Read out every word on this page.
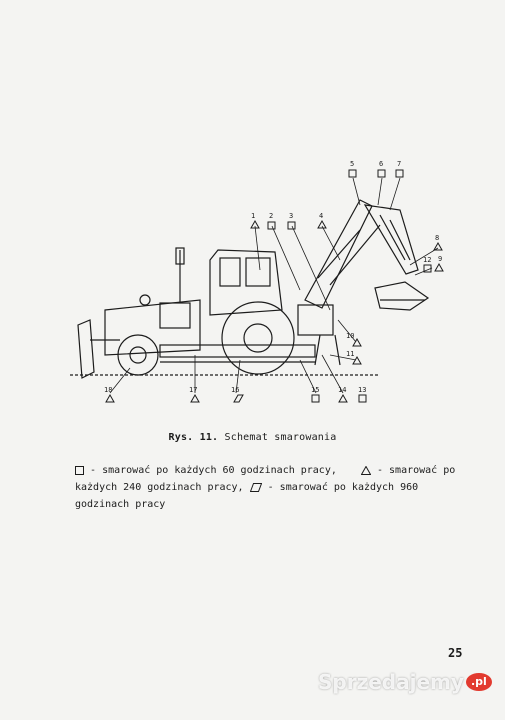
1 2 3	4
5	6 7
8
9
10
11
12
13
14
15
16
17
18
Rys. 11. Schemat smarowania
- smarować po każdych 60 godzinach pracy,	- smarować po każdych 240 godzinach pracy, - smarować po każdych 960 godzinach pracy
25
Sprzedajemy .pl
